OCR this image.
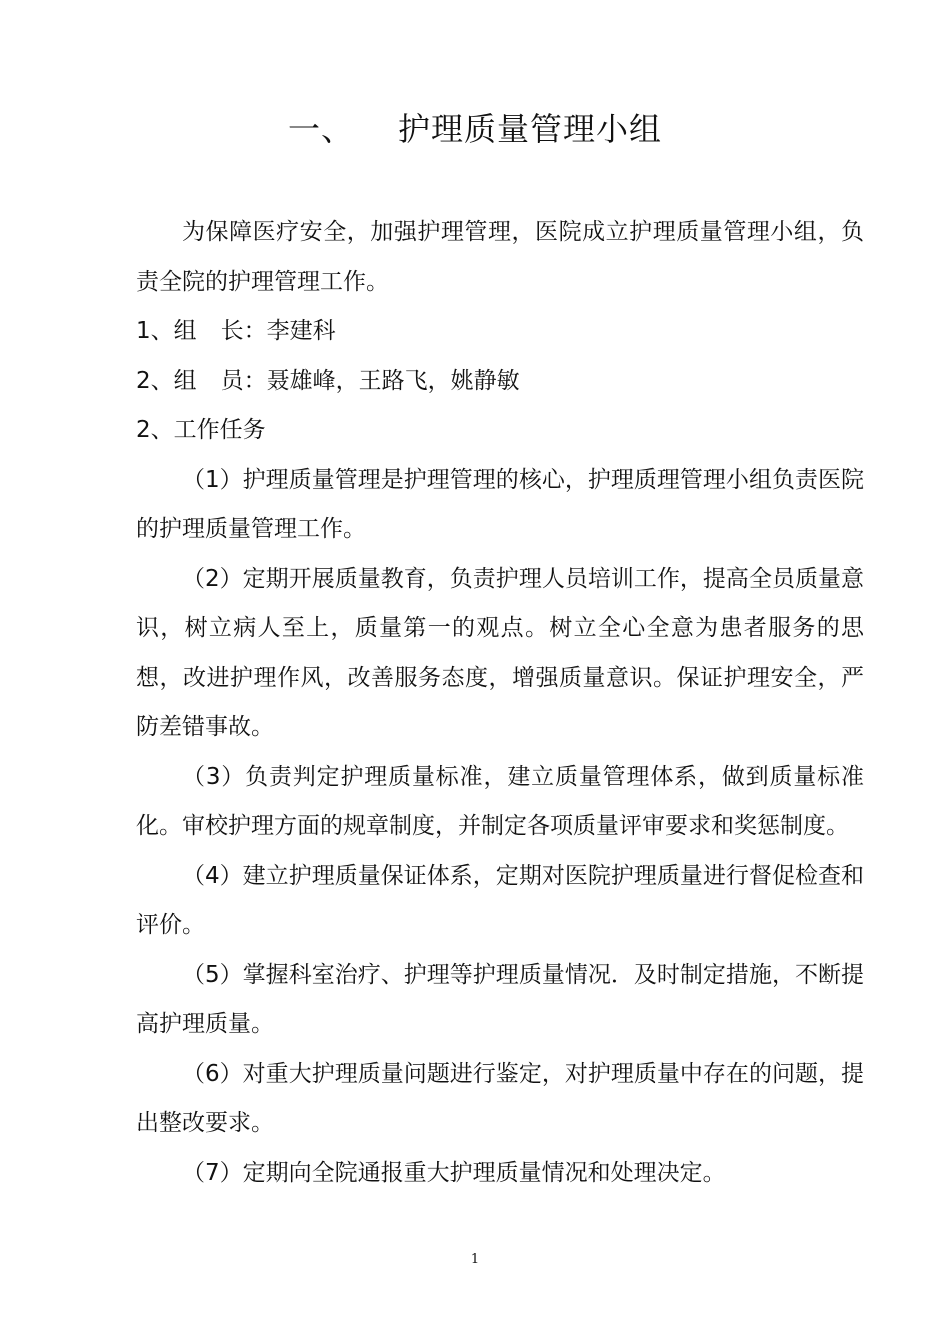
一、 护理质量管理小组

为保障医疗安全，加强护理管理，医院成立护理质量管理小组，负责全院的护理管理工作。

1、组 长：李建科

2、组 员：聂雄峰，王路飞，姚静敏

2、工作任务

（1）护理质量管理是护理管理的核心，护理质理管理小组负责医院的护理质量管理工作。

（2）定期开展质量教育，负责护理人员培训工作，提高全员质量意识，树立病人至上，质量第一的观点。树立全心全意为患者服务的思想，改进护理作风，改善服务态度，增强质量意识。保证护理安全，严防差错事故。

（3）负责判定护理质量标准，建立质量管理体系，做到质量标准化。审校护理方面的规章制度，并制定各项质量评审要求和奖惩制度。

（4）建立护理质量保证体系，定期对医院护理质量进行督促检查和评价。

（5）掌握科室治疗、护理等护理质量情况．及时制定措施，不断提高护理质量。

（6）对重大护理质量问题进行鉴定，对护理质量中存在的问题，提出整改要求。

（7）定期向全院通报重大护理质量情况和处理决定。

1
